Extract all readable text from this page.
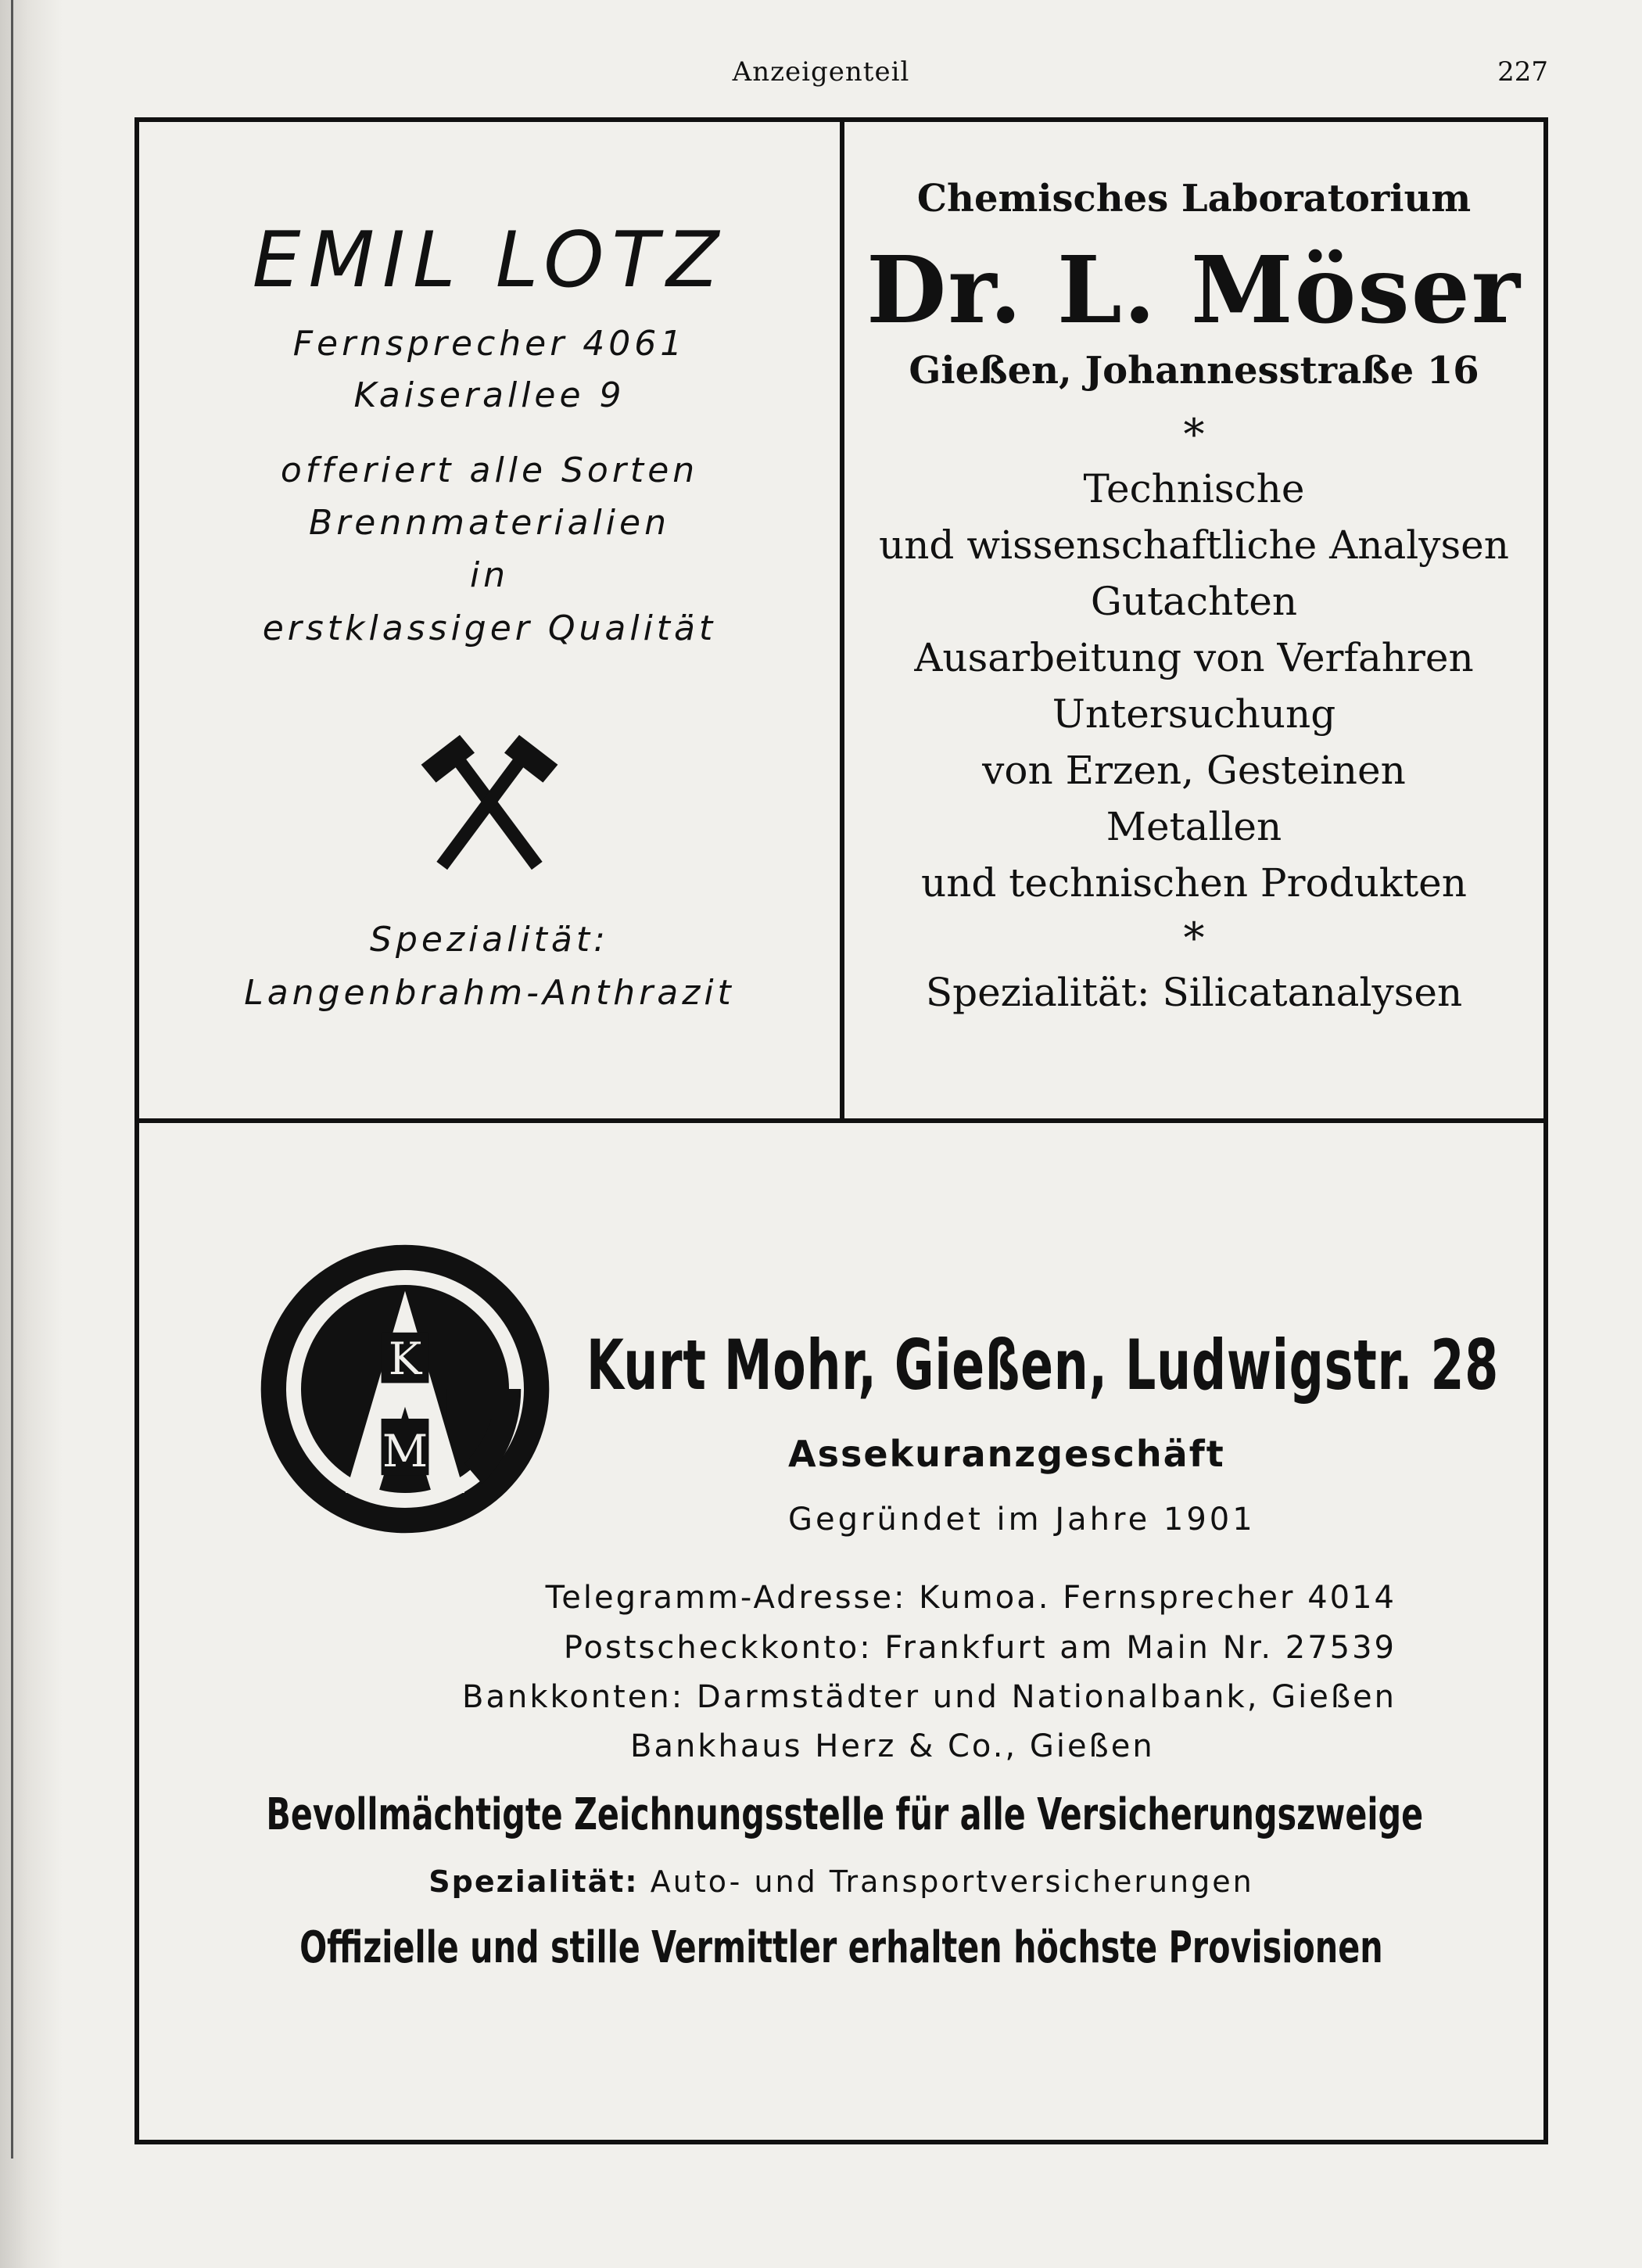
Anzeigenteil	227
EMIL LOTZ
Fernsprecher 4061
Kaiserallee 9
offeriert alle Sorten
Brennmaterialien
in
erstklassiger Qualität
Spezialität:
Langenbrahm-Anthrazit
Chemisches Laboratorium
Dr. L. Möser
Gießen, Johannesstraße 16
*
Technische
und wissenschaftliche Analysen
Gutachten
Ausarbeitung von Verfahren
Untersuchung
von Erzen, Gesteinen
Metallen
und technischen Produkten
*
Spezialität: Silicatanalysen
K
M
Kurt Mohr, Gießen, Ludwigstr. 28
Assekuranzgeschäft
Gegründet im Jahre 1901
Telegramm-Adresse: Kumoa. Fernsprecher 4014
Postscheckkonto: Frankfurt am Main Nr. 27539
Bankkonten: Darmstädter und Nationalbank, Gießen
Bankhaus Herz & Co., Gießen
Bevollmächtigte Zeichnungsstelle für alle Versicherungszweige
Spezialität: Auto- und Transportversicherungen
Offizielle und stille Vermittler erhalten höchste Provisionen
